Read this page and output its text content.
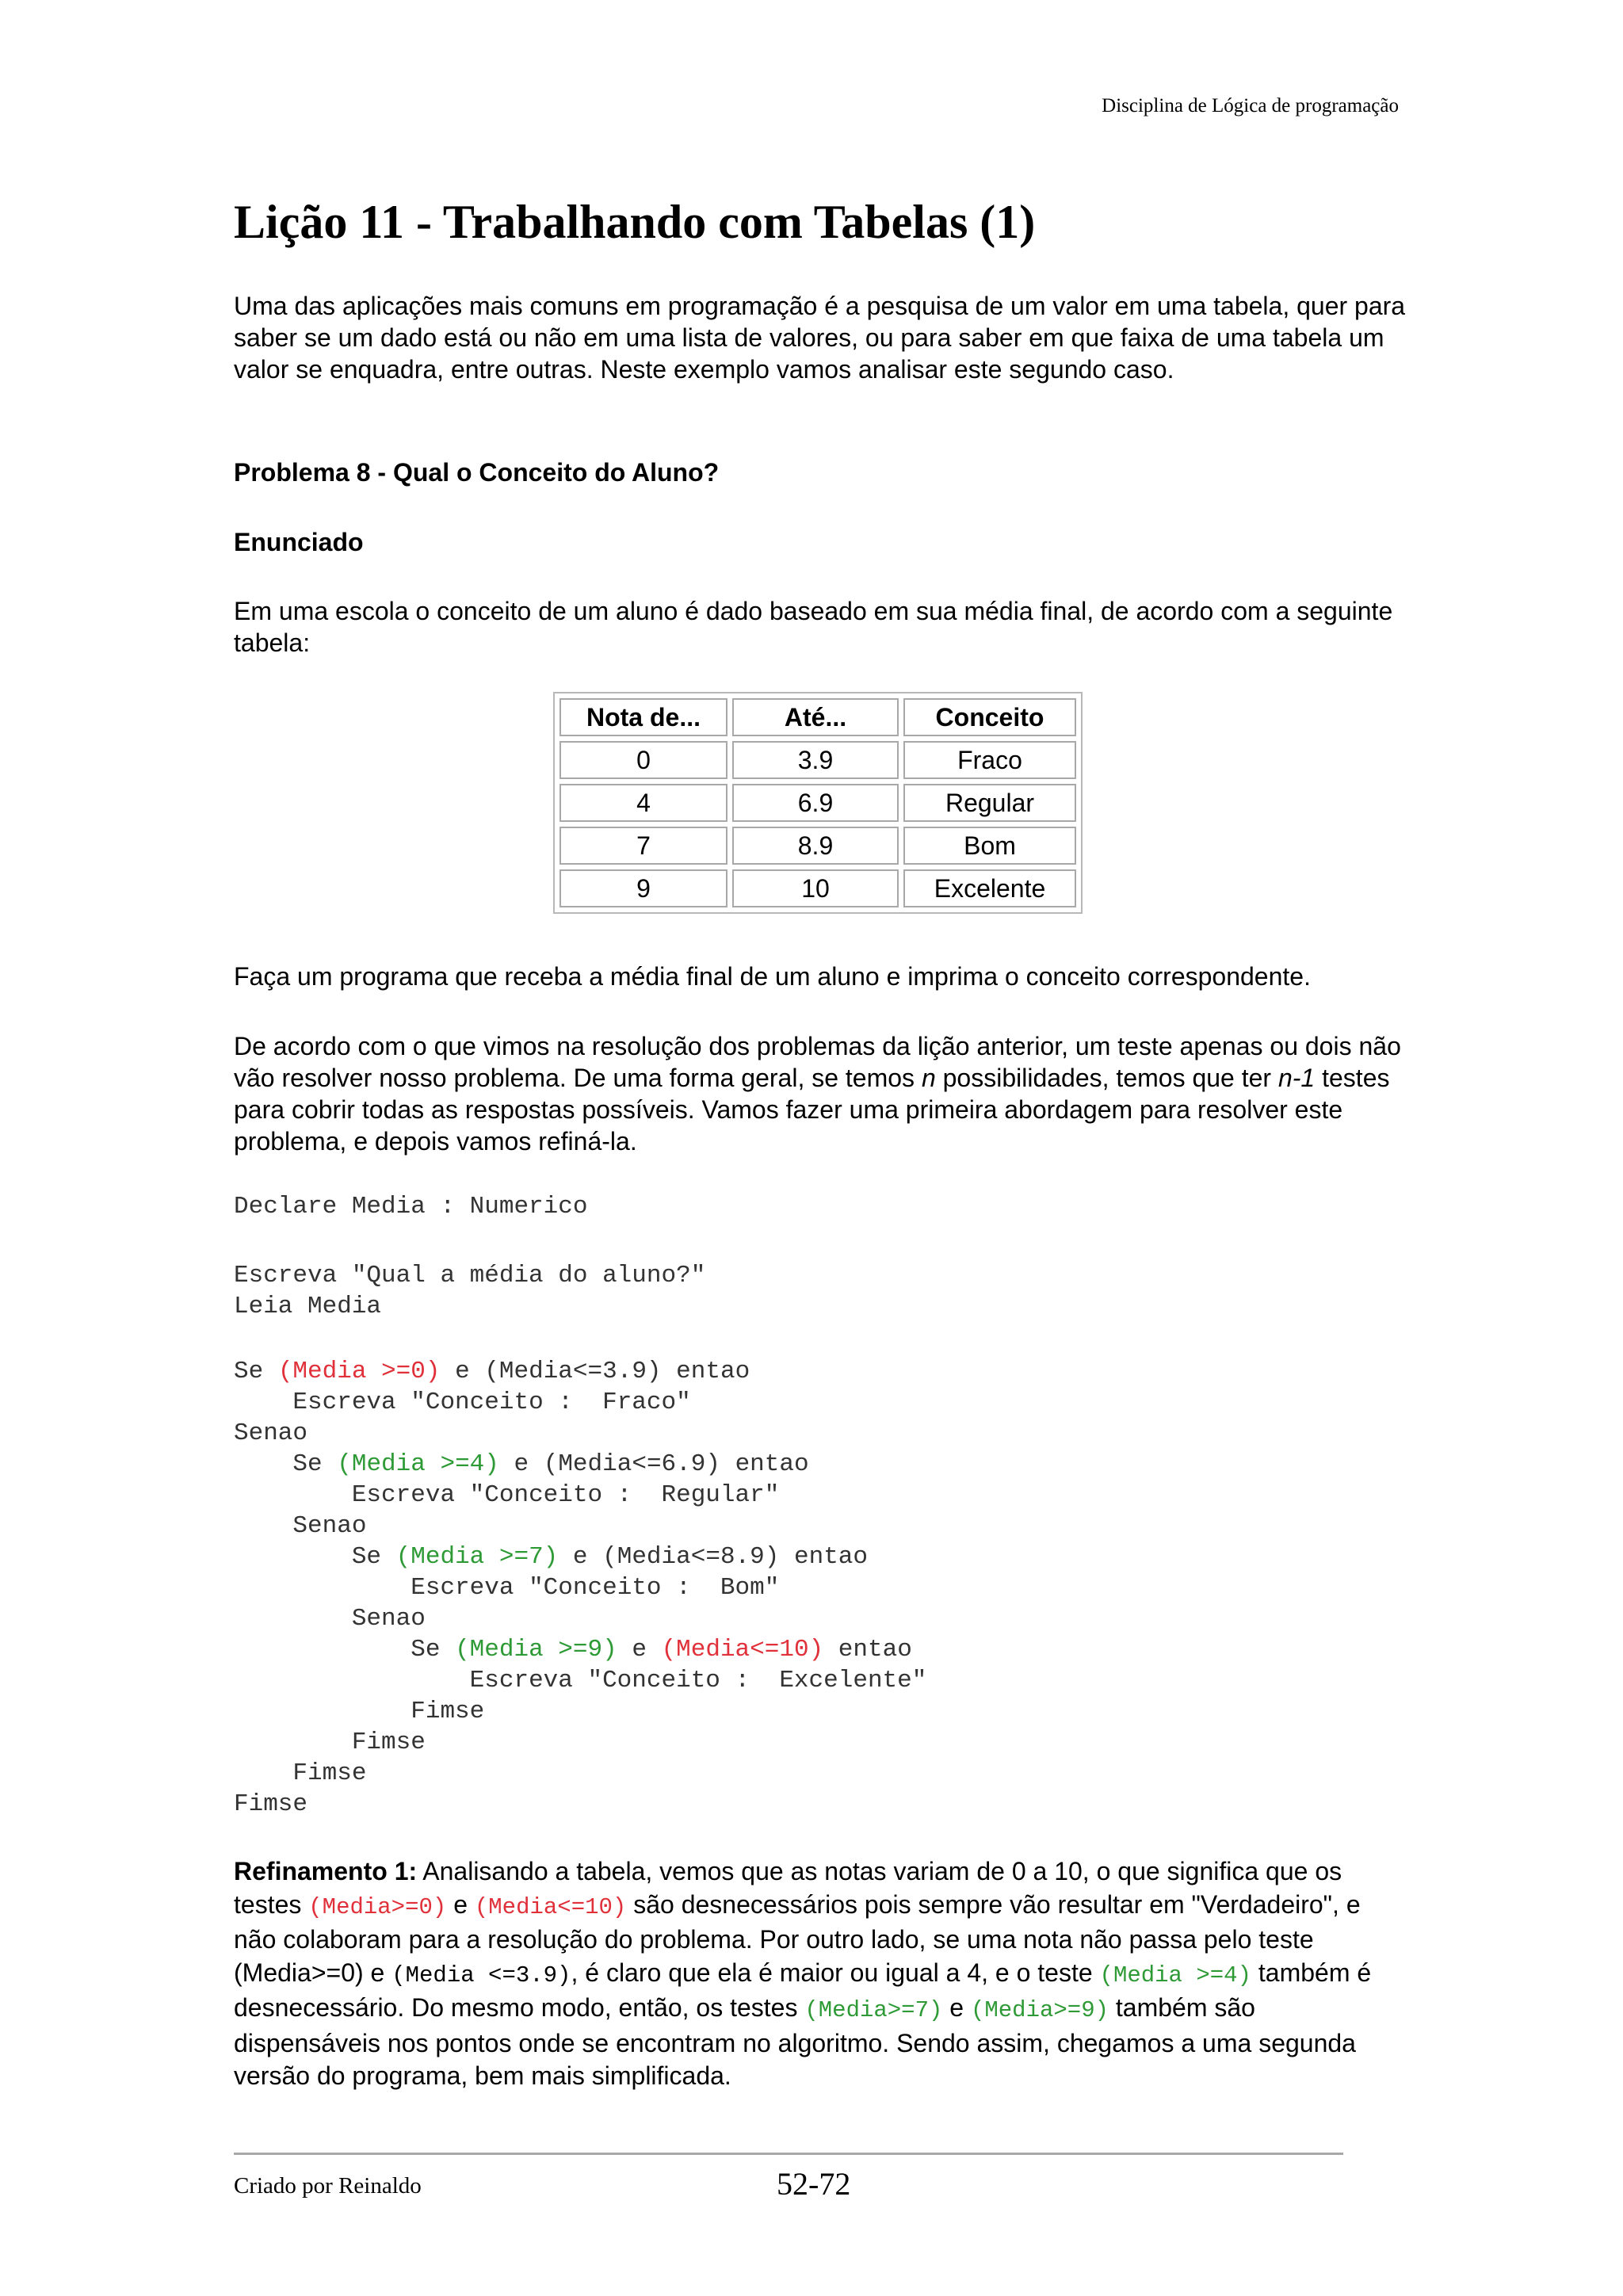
Disciplina de Lógica de programação
Lição 11 - Trabalhando com Tabelas (1)

Uma das aplicações mais comuns em programação é a pesquisa de um valor em uma tabela, quer para saber se um dado está ou não em uma lista de valores, ou para saber em que faixa de uma tabela um valor se enquadra, entre outras. Neste exemplo vamos analisar este segundo caso.

Problema 8 - Qual o Conceito do Aluno?

Enunciado

Em uma escola o conceito de um aluno é dado baseado em sua média final, de acordo com a seguinte tabela:

Nota de...	Até...	Conceito
0	3.9	Fraco
4	6.9	Regular
7	8.9	Bom
9	10	Excelente

Faça um programa que receba a média final de um aluno e imprima o conceito correspondente.

De acordo com o que vimos na resolução dos problemas da lição anterior, um teste apenas ou dois não vão resolver nosso problema. De uma forma geral, se temos n possibilidades, temos que ter n-1 testes para cobrir todas as respostas possíveis. Vamos fazer uma primeira abordagem para resolver este problema, e depois vamos refiná-la.

Declare Media : Numerico
Escreva "Qual a média do aluno?"
Leia Media
Se (Media >=0) e (Media<=3.9) entao
Escreva "Conceito :  Fraco"
Senao
Se (Media >=4) e (Media<=6.9) entao
Escreva "Conceito :  Regular"
Senao
Se (Media >=7) e (Media<=8.9) entao
Escreva "Conceito :  Bom"
Senao
Se (Media >=9) e (Media<=10) entao
Escreva "Conceito :  Excelente"
Fimse
Fimse
Fimse
Fimse

Refinamento 1: Analisando a tabela, vemos que as notas variam de 0 a 10, o que significa que os testes (Media>=0) e (Media<=10) são desnecessários pois sempre vão resultar em "Verdadeiro", e não colaboram para a resolução do problema. Por outro lado, se uma nota não passa pelo teste (Media>=0) e (Media <=3.9), é claro que ela é maior ou igual a 4, e o teste (Media >=4) também é desnecessário. Do mesmo modo, então, os testes (Media>=7) e (Media>=9) também são dispensáveis nos pontos onde se encontram no algoritmo. Sendo assim, chegamos a uma segunda versão do programa, bem mais simplificada.

Criado por Reinaldo	52-72
